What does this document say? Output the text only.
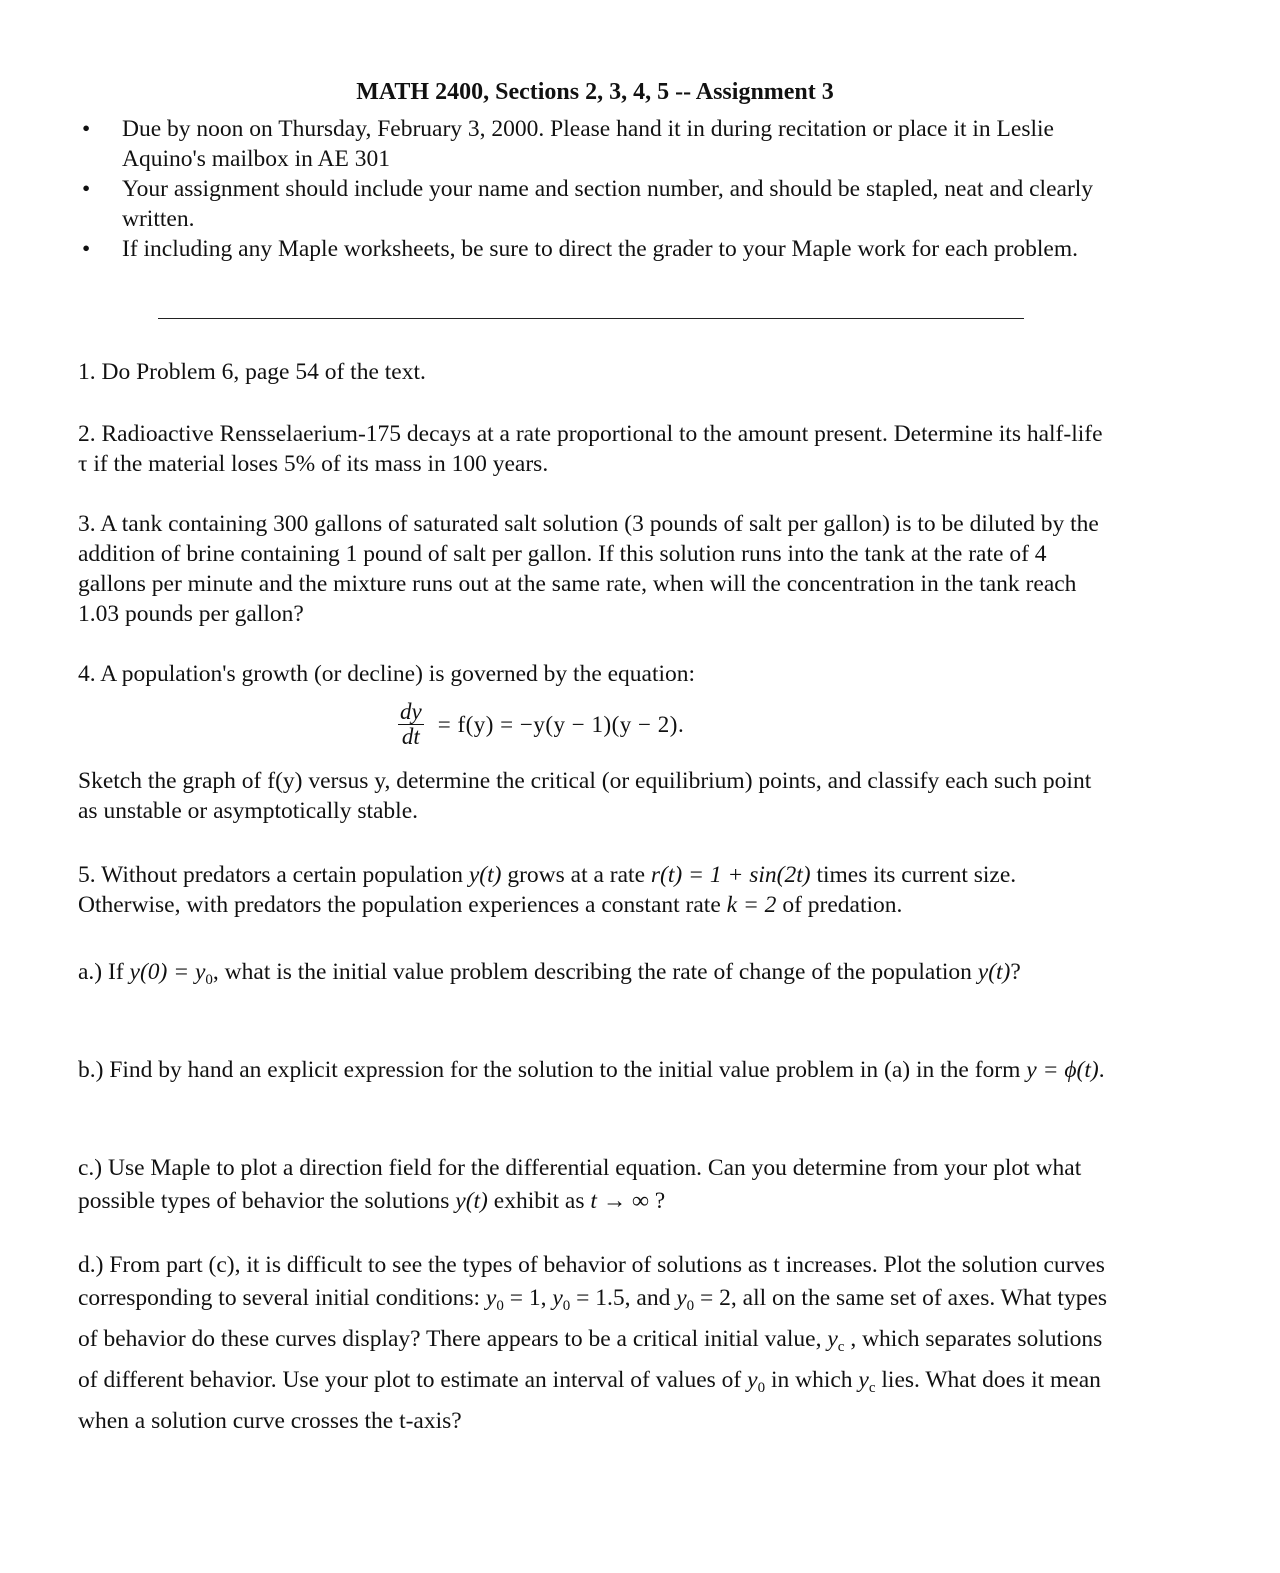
MATH 2400, Sections 2, 3, 4, 5 -- Assignment 3
• Due by noon on Thursday, February 3, 2000. Please hand it in during recitation or place it in Leslie Aquino's mailbox in AE 301
• Your assignment should include your name and section number, and should be stapled, neat and clearly written.
• If including any Maple worksheets, be sure to direct the grader to your Maple work for each problem.
1. Do Problem 6, page 54 of the text.
2. Radioactive Rensselaerium-175 decays at a rate proportional to the amount present. Determine its half-life τ if the material loses 5% of its mass in 100 years.
3. A tank containing 300 gallons of saturated salt solution (3 pounds of salt per gallon) is to be diluted by the addition of brine containing 1 pound of salt per gallon. If this solution runs into the tank at the rate of 4 gallons per minute and the mixture runs out at the same rate, when will the concentration in the tank reach 1.03 pounds per gallon?
4. A population's growth (or decline) is governed by the equation:
$\frac{dy}{dt} = f(y) = -y(y - 1)(y - 2)$.
Sketch the graph of f(y) versus y, determine the critical (or equilibrium) points, and classify each such point as unstable or asymptotically stable.
5. Without predators a certain population y(t) grows at a rate r(t) = 1 + sin(2t) times its current size. Otherwise, with predators the population experiences a constant rate k = 2 of predation.
a.) If $y(0) = y_0$, what is the initial value problem describing the rate of change of the population y(t)?
b.) Find by hand an explicit expression for the solution to the initial value problem in (a) in the form y = ϕ(t).
c.) Use Maple to plot a direction field for the differential equation. Can you determine from your plot what possible types of behavior the solutions y(t) exhibit as t → ∞ ?
d.) From part (c), it is difficult to see the types of behavior of solutions as t increases. Plot the solution curves corresponding to several initial conditions: $y_0 = 1$, $y_0 = 1.5$, and $y_0 = 2$, all on the same set of axes. What types of behavior do these curves display? There appears to be a critical initial value, $y_c$ , which separates solutions of different behavior. Use your plot to estimate an interval of values of $y_0$ in which $y_c$ lies. What does it mean when a solution curve crosses the t-axis?
